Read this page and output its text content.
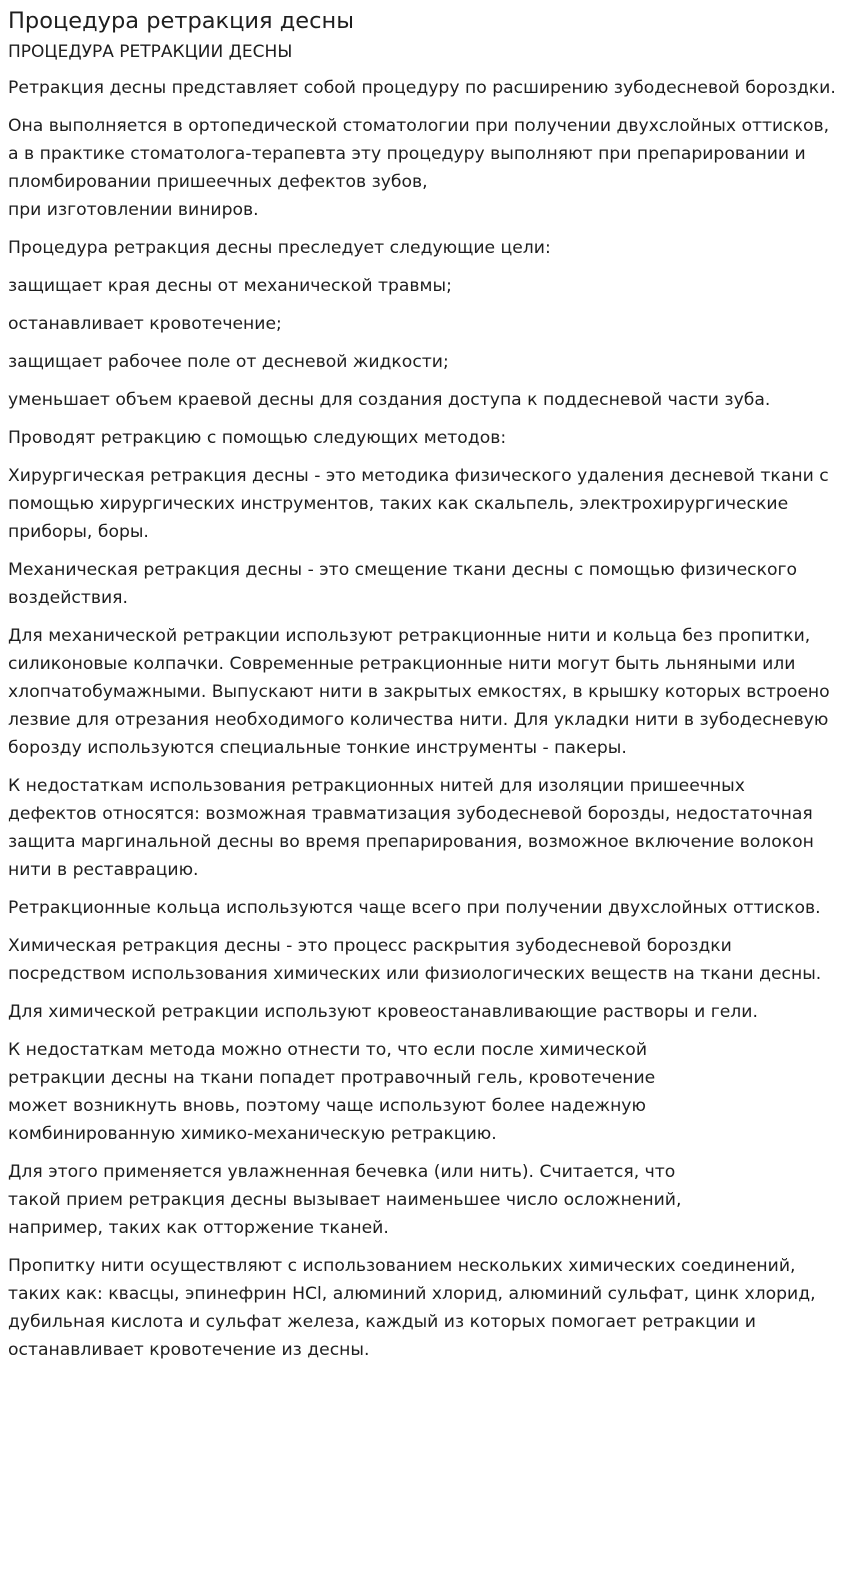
Процедура ретракция десны
ПРОЦЕДУРА РЕТРАКЦИИ ДЕСНЫ

Ретракция десны представляет собой процедуру по расширению зубодесневой бороздки.

Она выполняется в ортопедической стоматологии при получении двухслойных оттисков, а в практике стоматолога-терапевта эту процедуру выполняют при препарировании и пломбировании пришеечных дефектов зубов,
при изготовлении виниров.

Процедура ретракция десны преследует следующие цели:

защищает края десны от механической травмы;

останавливает кровотечение;

защищает рабочее поле от десневой жидкости;

уменьшает объем краевой десны для создания доступа к поддесневой части зуба.

Проводят ретракцию с помощью следующих методов:

Хирургическая ретракция десны - это методика физического удаления десневой ткани с помощью хирургических инструментов, таких как скальпель, электрохирургические приборы, боры.

Механическая ретракция десны - это смещение ткани десны с помощью физического воздействия.

Для механической ретракции используют ретракционные нити и кольца без пропитки, силиконовые колпачки. Современные ретракционные нити могут быть льняными или хлопчатобумажными. Выпускают нити в закрытых емкостях, в крышку которых встроено лезвие для отрезания необходимого количества нити. Для укладки нити в зубодесневую борозду используются специальные тонкие инструменты - пакеры.

К недостаткам использования ретракционных нитей для изоляции пришеечных дефектов относятся: возможная травматизация зубодесневой борозды, недостаточная защита маргинальной десны во время препарирования, возможное включение волокон нити в реставрацию.

Ретракционные кольца используются чаще всего при получении двухслойных оттисков.

Химическая ретракция десны - это процесс раскрытия зубодесневой бороздки посредством использования химических или физиологических веществ на ткани десны.

Для химической ретракции используют кровеостанавливающие растворы и гели.

К недостаткам метода можно отнести то, что если после химической
ретракции десны на ткани попадет протравочный гель, кровотечение
может возникнуть вновь, поэтому чаще используют более надежную
комбинированную химико-механическую ретракцию.

Для этого применяется увлажненная бечевка (или нить). Считается, что
такой прием ретракция десны вызывает наименьшее число осложнений,
например, таких как отторжение тканей.

Пропитку нити осуществляют с использованием нескольких химических соединений, таких как: квасцы, эпинефрин HCl, алюминий хлорид, алюминий сульфат, цинк хлорид, дубильная кислота и сульфат железа, каждый из которых помогает ретракции и останавливает кровотечение из десны.
